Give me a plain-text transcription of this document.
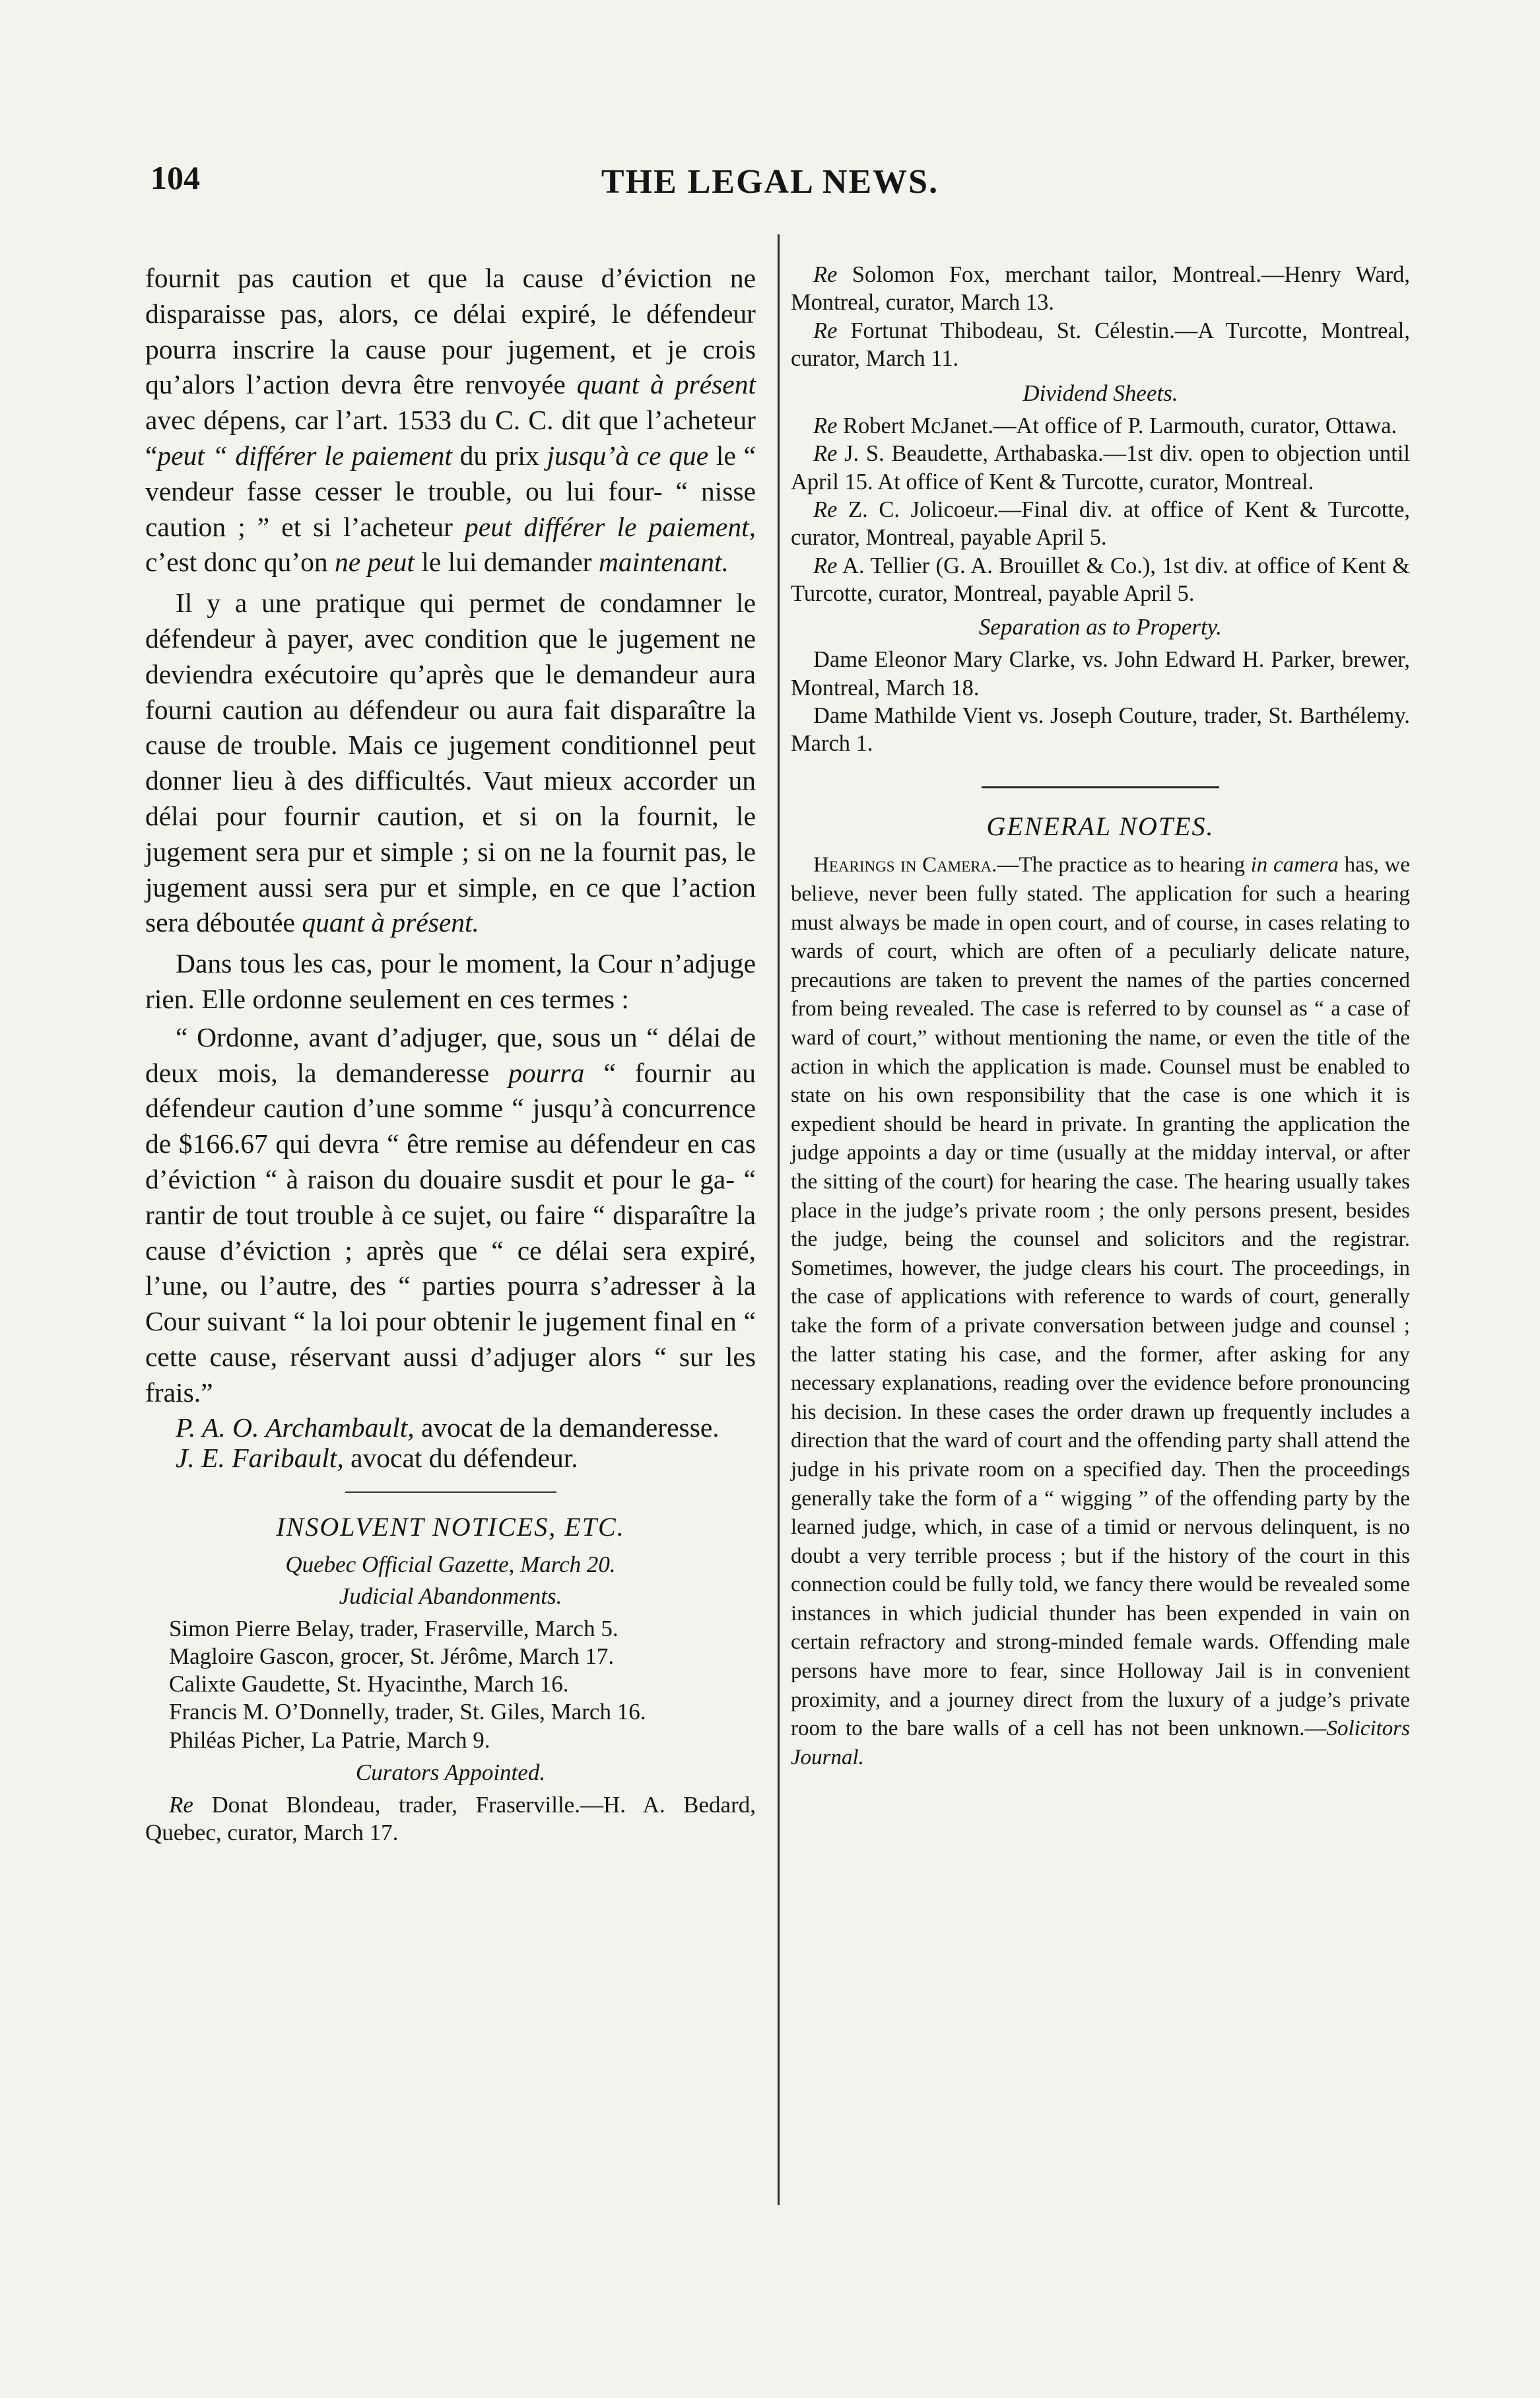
104	THE LEGAL NEWS.

fournit pas caution et que la cause d’éviction ne disparaisse pas, alors, ce délai expiré, le défendeur pourra inscrire la cause pour jugement, et je crois qu’alors l’action devra être renvoyée quant à présent avec dépens, car l’art. 1533 du C. C. dit que l’acheteur “peut “ différer le paiement du prix jusqu’à ce que le “ vendeur fasse cesser le trouble, ou lui four- “ nisse caution ; ” et si l’acheteur peut différer le paiement, c’est donc qu’on ne peut le lui demander maintenant.

Il y a une pratique qui permet de condamner le défendeur à payer, avec condition que le jugement ne deviendra exécutoire qu’après que le demandeur aura fourni caution au défendeur ou aura fait disparaître la cause de trouble. Mais ce jugement conditionnel peut donner lieu à des difficultés. Vaut mieux accorder un délai pour fournir caution, et si on la fournit, le jugement sera pur et simple ; si on ne la fournit pas, le jugement aussi sera pur et simple, en ce que l’action sera déboutée quant à présent.

Dans tous les cas, pour le moment, la Cour n’adjuge rien. Elle ordonne seulement en ces termes :

“ Ordonne, avant d’adjuger, que, sous un “ délai de deux mois, la demanderesse pourra “ fournir au défendeur caution d’une somme “ jusqu’à concurrence de $166.67 qui devra “ être remise au défendeur en cas d’éviction “ à raison du douaire susdit et pour le ga- “ rantir de tout trouble à ce sujet, ou faire “ disparaître la cause d’éviction ; après que “ ce délai sera expiré, l’une, ou l’autre, des “ parties pourra s’adresser à la Cour suivant “ la loi pour obtenir le jugement final en “ cette cause, réservant aussi d’adjuger alors “ sur les frais.”

P. A. O. Archambault, avocat de la demanderesse.

J. E. Faribault, avocat du défendeur.

INSOLVENT NOTICES, ETC.
Quebec Official Gazette, March 20.
Judicial Abandonments.

Simon Pierre Belay, trader, Fraserville, March 5.

Magloire Gascon, grocer, St. Jérôme, March 17.

Calixte Gaudette, St. Hyacinthe, March 16.

Francis M. O’Donnelly, trader, St. Giles, March 16.

Philéas Picher, La Patrie, March 9.

Curators Appointed.

Re Donat Blondeau, trader, Fraserville.—H. A. Bedard, Quebec, curator, March 17.

Re Solomon Fox, merchant tailor, Montreal.—Henry Ward, Montreal, curator, March 13.

Re Fortunat Thibodeau, St. Célestin.—A Turcotte, Montreal, curator, March 11.

Dividend Sheets.

Re Robert McJanet.—At office of P. Larmouth, curator, Ottawa.

Re J. S. Beaudette, Arthabaska.—1st div. open to objection until April 15. At office of Kent & Turcotte, curator, Montreal.

Re Z. C. Jolicoeur.—Final div. at office of Kent & Turcotte, curator, Montreal, payable April 5.

Re A. Tellier (G. A. Brouillet & Co.), 1st div. at office of Kent & Turcotte, curator, Montreal, payable April 5.

Separation as to Property.

Dame Eleonor Mary Clarke, vs. John Edward H. Parker, brewer, Montreal, March 18.

Dame Mathilde Vient vs. Joseph Couture, trader, St. Barthélemy. March 1.

GENERAL NOTES.

Hearings in Camera.—The practice as to hearing in camera has, we believe, never been fully stated. The application for such a hearing must always be made in open court, and of course, in cases relating to wards of court, which are often of a peculiarly delicate nature, precautions are taken to prevent the names of the parties concerned from being revealed. The case is referred to by counsel as “ a case of ward of court,” without mentioning the name, or even the title of the action in which the application is made. Counsel must be enabled to state on his own responsibility that the case is one which it is expedient should be heard in private. In granting the application the judge appoints a day or time (usually at the midday interval, or after the sitting of the court) for hearing the case. The hearing usually takes place in the judge’s private room ; the only persons present, besides the judge, being the counsel and solicitors and the registrar. Sometimes, however, the judge clears his court. The proceedings, in the case of applications with reference to wards of court, generally take the form of a private conversation between judge and counsel ; the latter stating his case, and the former, after asking for any necessary explanations, reading over the evidence before pronouncing his decision. In these cases the order drawn up frequently includes a direction that the ward of court and the offending party shall attend the judge in his private room on a specified day. Then the proceedings generally take the form of a “ wigging ” of the offending party by the learned judge, which, in case of a timid or nervous delinquent, is no doubt a very terrible process ; but if the history of the court in this connection could be fully told, we fancy there would be revealed some instances in which judicial thunder has been expended in vain on certain refractory and strong-minded female wards. Offending male persons have more to fear, since Holloway Jail is in convenient proximity, and a journey direct from the luxury of a judge’s private room to the bare walls of a cell has not been unknown.—Solicitors Journal.
